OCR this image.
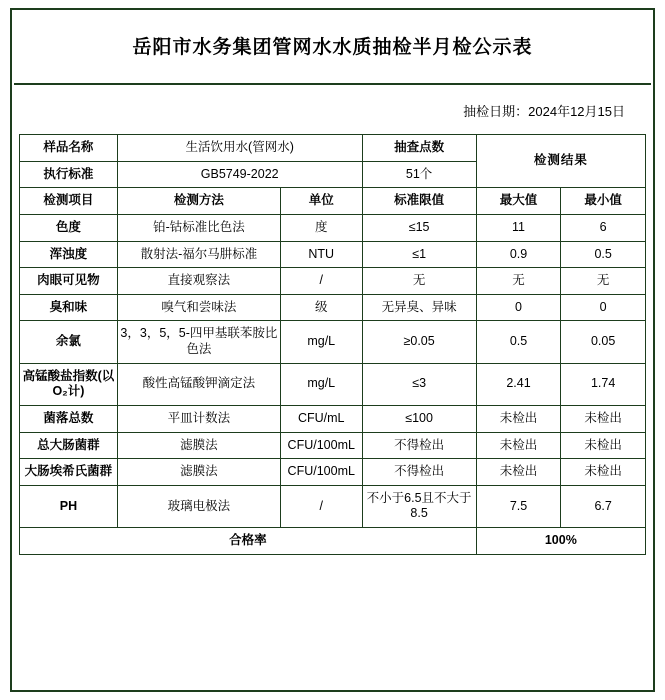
岳阳市水务集团管网水水质抽检半月检公示表
抽检日期：2024年12月15日
样品名称	生活饮用水(管网水)		抽查点数	检测结果	
执行标准	GB5749-2022		51个		
检测项目	检测方法	单位	标准限值	最大值	最小值
色度	铂-钴标准比色法	度	≤15	11	6
浑浊度	散射法-福尔马肼标准	NTU	≤1	0.9	0.5
肉眼可见物	直接观察法	/	无	无	无
臭和味	嗅气和尝味法	级	无异臭、异味	0	0
余氯	3，3，5，5-四甲基联苯胺比色法	mg/L	≥0.05	0.5	0.05
高锰酸盐指数(以O₂计)	酸性高锰酸钾滴定法	mg/L	≤3	2.41	1.74
菌落总数	平皿计数法	CFU/mL	≤100	未检出	未检出
总大肠菌群	滤膜法	CFU/100mL	不得检出	未检出	未检出
大肠埃希氏菌群	滤膜法	CFU/100mL	不得检出	未检出	未检出
PH	玻璃电极法	/	不小于6.5且不大于8.5	7.5	6.7
合格率				100%	
